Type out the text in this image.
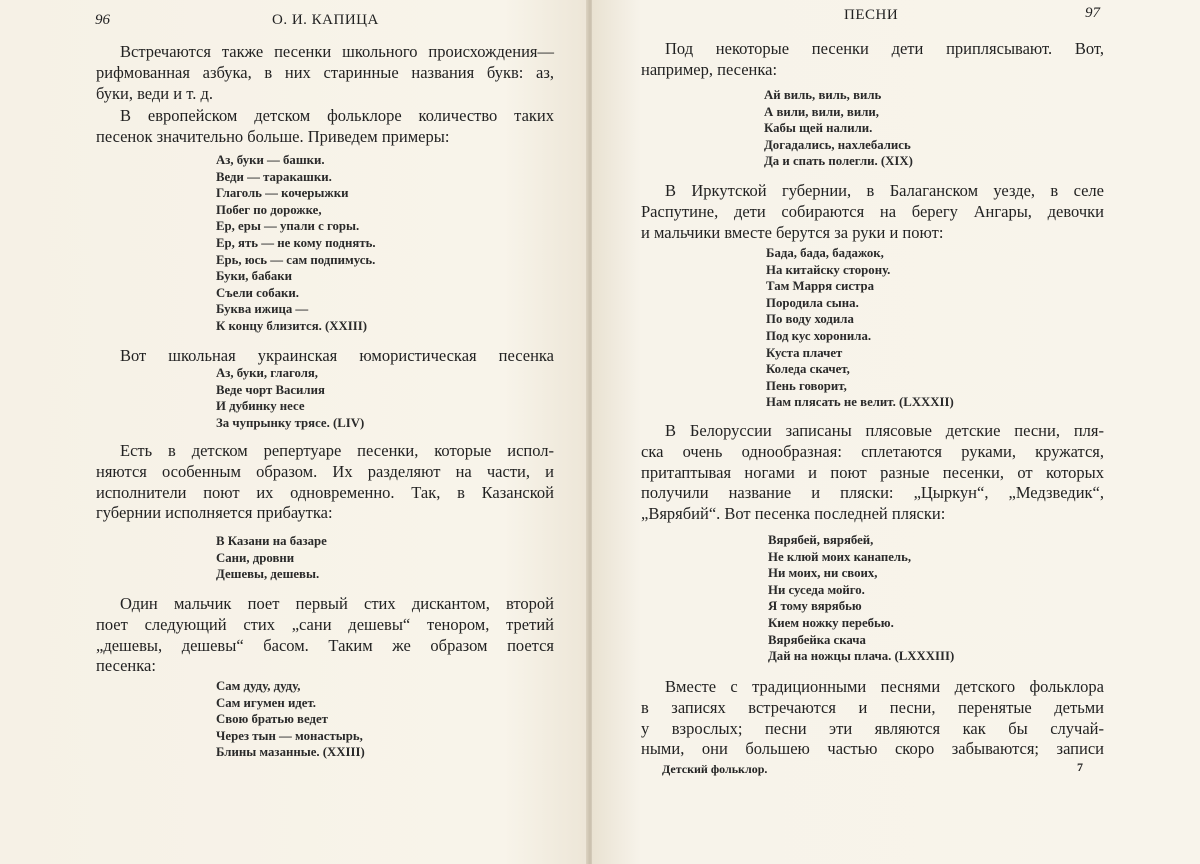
96	О. И. КАПИЦА
Встречаются также песенки школьного происхождения—
рифмованная азбука, в них старинные названия букв: аз,
буки, веди и т. д.
В европейском детском фольклоре количество таких
песенок значительно больше. Приведем примеры:
Аз, буки — башки.
Веди — таракашки.
Глаголь — кочерыжки
Побег по дорожке,
Ер, еры — упали с горы.
Ер, ять — не кому поднять.
Ерь, юсь — сам подпимусь.
Буки, бабаки
Съели собаки.
Буква ижица —
К концу близится. (XXIII)
Вот школьная украинская юмористическая песенка
Аз, буки, глаголя,
Веде чорт Василия
И дубинку несе
За чупрынку трясе. (LIV)
Есть в детском репертуаре песенки, которые испол-
няются особенным образом. Их разделяют на части, и
исполнители поют их одновременно. Так, в Казанской
губернии исполняется прибаутка:
В Казани на базаре
Сани, дровни
Дешевы, дешевы.
Один мальчик поет первый стих дискантом, второй
поет следующий стих „сани дешевы“ тенором, третий
„дешевы, дешевы“ басом. Таким же образом поется
песенка:
Сам дуду, дуду,
Сам игумен идет.
Свою братью ведет
Через тын — монастырь,
Блины мазанные. (XXIII)
ПЕСНИ	97
Под некоторые песенки дети приплясывают. Вот,
например, песенка:
Ай виль, виль, виль
А вили, вили, вили,
Кабы щей налили.
Догадались, нахлебались
Да и спать полегли. (XIX)
В Иркутской губернии, в Балаганском уезде, в селе
Распутине, дети собираются на берегу Ангары, девочки
и мальчики вместе берутся за руки и поют:
Бада, бада, бадажок,
На китайску сторону.
Там Марря систра
Породила сына.
По воду ходила
Под кус хоронила.
Куста плачет
Коледа скачет,
Пень говорит,
Нам плясать не велит. (LXXXII)
В Белоруссии записаны плясовые детские песни, пля-
ска очень однообразная: сплетаются руками, кружатся,
притаптывая ногами и поют разные песенки, от которых
получили название и пляски: „Цыркун“, „Медзведик“,
„Вярябий“. Вот песенка последней пляски:
Вярябей, вярябей,
Не клюй моих канапель,
Ни моих, ни своих,
Ни суседа мойго.
Я тому вярябью
Кием ножку перебью.
Вярябейка скача
Дай на ножцы плача. (LXXXIII)
Вместе с традиционными песнями детского фольклора
в записях встречаются и песни, перенятые детьми
у взрослых; песни эти являются как бы случай-
ными, они большею частью скоро забываются; записи
Детский фольклор.	7
